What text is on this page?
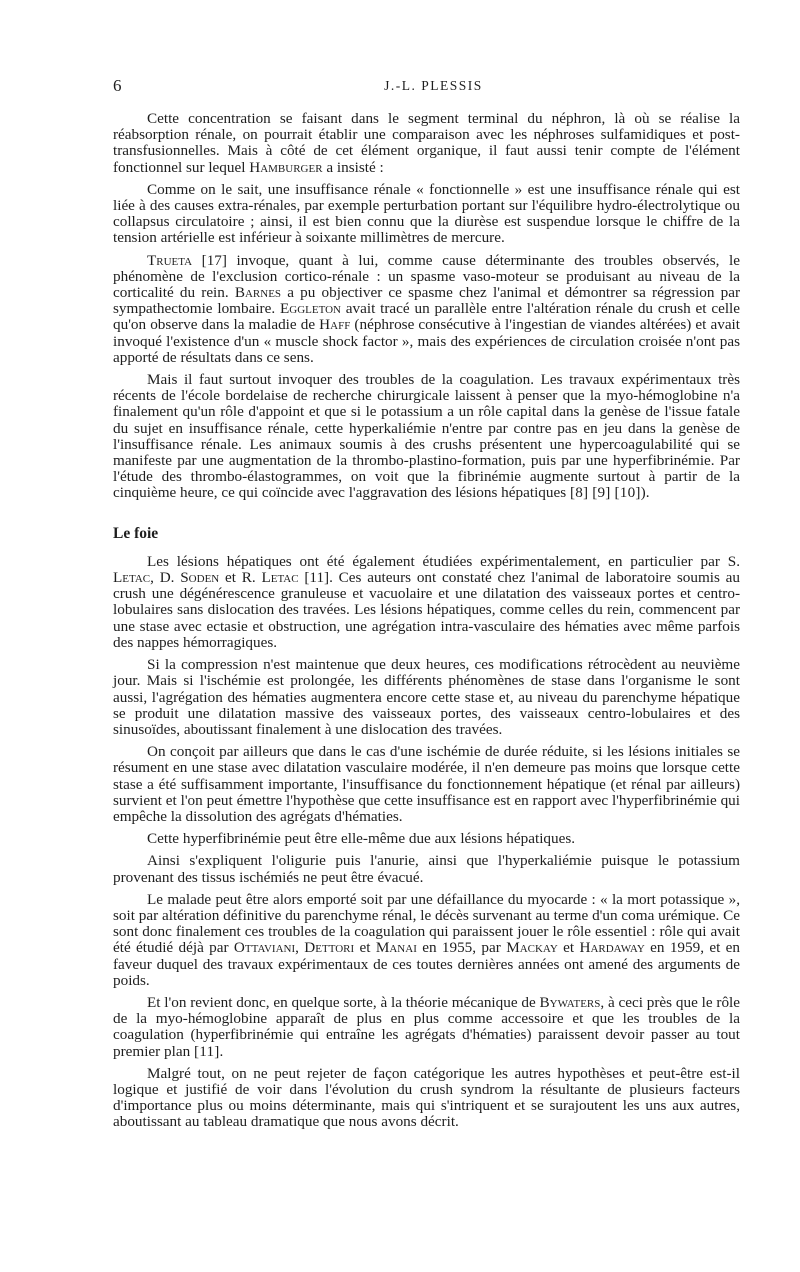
6	J.-L. PLESSIS

Cette concentration se faisant dans le segment terminal du néphron, là où se réalise la réabsorption rénale, on pourrait établir une comparaison avec les néphroses sulfamidiques et post-transfusionnelles. Mais à côté de cet élément organique, il faut aussi tenir compte de l'élément fonctionnel sur lequel Hamburger a insisté :

Comme on le sait, une insuffisance rénale « fonctionnelle » est une insuffisance rénale qui est liée à des causes extra-rénales, par exemple perturbation portant sur l'équilibre hydro-électrolytique ou collapsus circulatoire ; ainsi, il est bien connu que la diurèse est suspendue lorsque le chiffre de la tension artérielle est inférieur à soixante millimètres de mercure.

Trueta [17] invoque, quant à lui, comme cause déterminante des troubles observés, le phénomène de l'exclusion cortico-rénale : un spasme vaso-moteur se produisant au niveau de la corticalité du rein. Barnes a pu objectiver ce spasme chez l'animal et démontrer sa régression par sympathectomie lombaire. Eggleton avait tracé un parallèle entre l'altération rénale du crush et celle qu'on observe dans la maladie de Haff (néphrose consécutive à l'ingestian de viandes altérées) et avait invoqué l'existence d'un « muscle shock factor », mais des expériences de circulation croisée n'ont pas apporté de résultats dans ce sens.

Mais il faut surtout invoquer des troubles de la coagulation. Les travaux expérimentaux très récents de l'école bordelaise de recherche chirurgicale laissent à penser que la myo-hémoglobine n'a finalement qu'un rôle d'appoint et que si le potassium a un rôle capital dans la genèse de l'issue fatale du sujet en insuffisance rénale, cette hyperkaliémie n'entre par contre pas en jeu dans la genèse de l'insuffisance rénale. Les animaux soumis à des crushs présentent une hypercoagulabilité qui se manifeste par une augmentation de la thrombo-plastino-formation, puis par une hyperfibrinémie. Par l'étude des thrombo-élastogrammes, on voit que la fibrinémie augmente surtout à partir de la cinquième heure, ce qui coïncide avec l'aggravation des lésions hépatiques [8] [9] [10]).

Le foie

Les lésions hépatiques ont été également étudiées expérimentalement, en particulier par S. Letac, D. Soden et R. Letac [11]. Ces auteurs ont constaté chez l'animal de laboratoire soumis au crush une dégénérescence granuleuse et vacuolaire et une dilatation des vaisseaux portes et centro-lobulaires sans dislocation des travées. Les lésions hépatiques, comme celles du rein, commencent par une stase avec ectasie et obstruction, une agrégation intra-vasculaire des hématies avec même parfois des nappes hémorragiques.

Si la compression n'est maintenue que deux heures, ces modifications rétrocèdent au neuvième jour. Mais si l'ischémie est prolongée, les différents phénomènes de stase dans l'organisme le sont aussi, l'agrégation des hématies augmentera encore cette stase et, au niveau du parenchyme hépatique se produit une dilatation massive des vaisseaux portes, des vaisseaux centro-lobulaires et des sinusoïdes, aboutissant finalement à une dislocation des travées.

On conçoit par ailleurs que dans le cas d'une ischémie de durée réduite, si les lésions initiales se résument en une stase avec dilatation vasculaire modérée, il n'en demeure pas moins que lorsque cette stase a été suffisamment importante, l'insuffisance du fonctionnement hépatique (et rénal par ailleurs) survient et l'on peut émettre l'hypothèse que cette insuffisance est en rapport avec l'hyperfibrinémie qui empêche la dissolution des agrégats d'hématies.

Cette hyperfibrinémie peut être elle-même due aux lésions hépatiques.

Ainsi s'expliquent l'oligurie puis l'anurie, ainsi que l'hyperkaliémie puisque le potassium provenant des tissus ischémiés ne peut être évacué.

Le malade peut être alors emporté soit par une défaillance du myocarde : « la mort potassique », soit par altération définitive du parenchyme rénal, le décès survenant au terme d'un coma urémique. Ce sont donc finalement ces troubles de la coagulation qui paraissent jouer le rôle essentiel : rôle qui avait été étudié déjà par Ottaviani, Dettori et Manai en 1955, par Mackay et Hardaway en 1959, et en faveur duquel des travaux expérimentaux de ces toutes dernières années ont amené des arguments de poids.

Et l'on revient donc, en quelque sorte, à la théorie mécanique de Bywaters, à ceci près que le rôle de la myo-hémoglobine apparaît de plus en plus comme accessoire et que les troubles de la coagulation (hyperfibrinémie qui entraîne les agrégats d'hématies) paraissent devoir passer au tout premier plan [11].

Malgré tout, on ne peut rejeter de façon catégorique les autres hypothèses et peut-être est-il logique et justifié de voir dans l'évolution du crush syndrom la résultante de plusieurs facteurs d'importance plus ou moins déterminante, mais qui s'intriquent et se surajoutent les uns aux autres, aboutissant au tableau dramatique que nous avons décrit.
